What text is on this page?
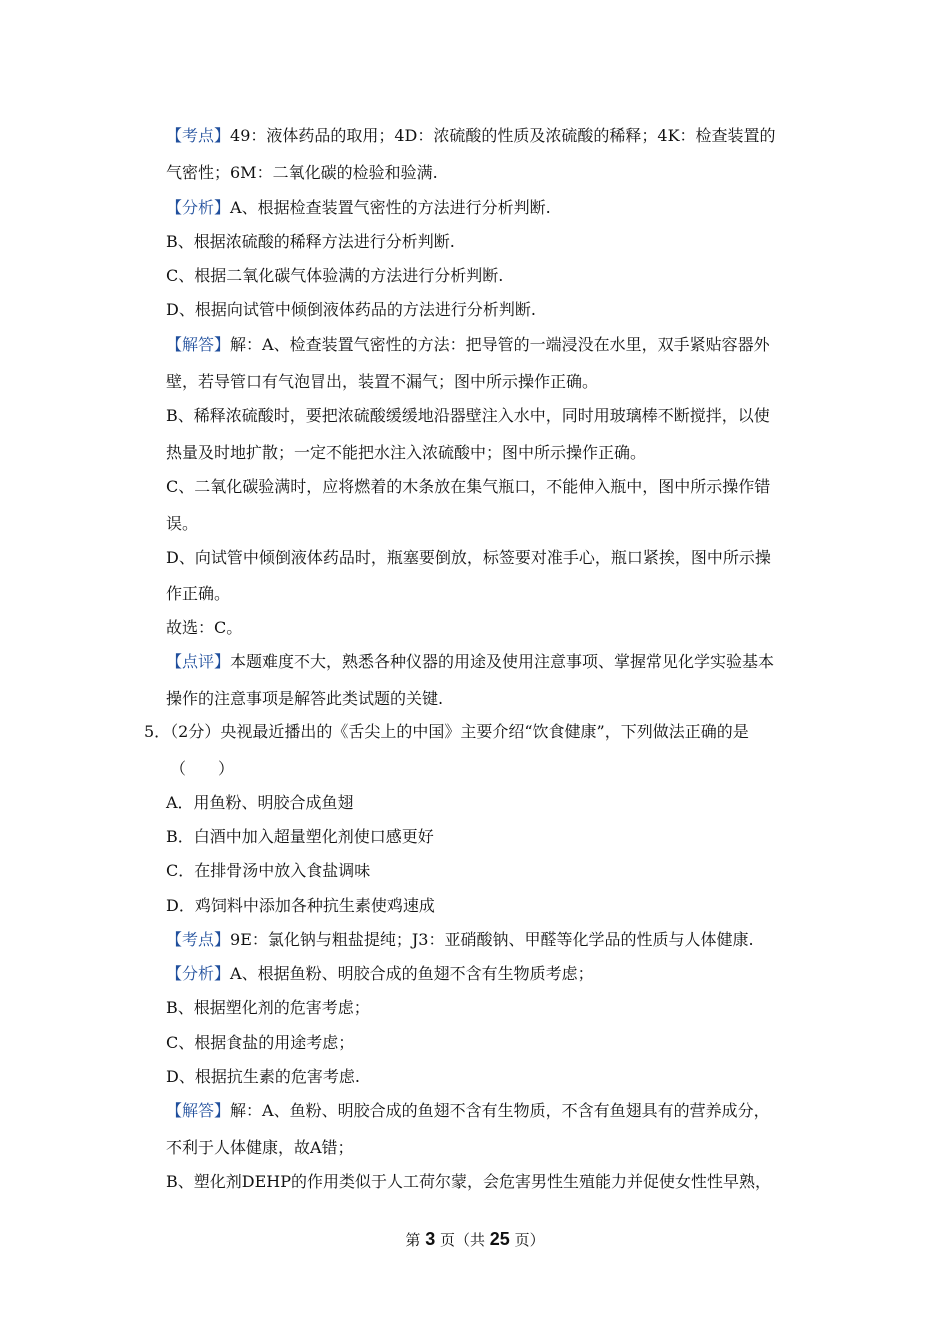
【考点】49：液体药品的取用；4D：浓硫酸的性质及浓硫酸的稀释；4K：检查装置的
气密性；6M：二氧化碳的检验和验满.
【分析】A、根据检查装置气密性的方法进行分析判断.
B、根据浓硫酸的稀释方法进行分析判断.
C、根据二氧化碳气体验满的方法进行分析判断.
D、根据向试管中倾倒液体药品的方法进行分析判断.
【解答】解：A、检查装置气密性的方法：把导管的一端浸没在水里，双手紧贴容器外
壁，若导管口有气泡冒出，装置不漏气；图中所示操作正确。
B、稀释浓硫酸时，要把浓硫酸缓缓地沿器壁注入水中，同时用玻璃棒不断搅拌，以使
热量及时地扩散；一定不能把水注入浓硫酸中；图中所示操作正确。
C、二氧化碳验满时，应将燃着的木条放在集气瓶口，不能伸入瓶中，图中所示操作错
误。
D、向试管中倾倒液体药品时，瓶塞要倒放，标签要对准手心，瓶口紧挨，图中所示操
作正确。
故选：C。
【点评】本题难度不大，熟悉各种仪器的用途及使用注意事项、掌握常见化学实验基本
操作的注意事项是解答此类试题的关键.
5．（2分）央视最近播出的《舌尖上的中国》主要介绍“饮食健康”，下列做法正确的是
（　　）
A．用鱼粉、明胶合成鱼翅
B．白酒中加入超量塑化剂使口感更好
C．在排骨汤中放入食盐调味
D．鸡饲料中添加各种抗生素使鸡速成
【考点】9E：氯化钠与粗盐提纯；J3：亚硝酸钠、甲醛等化学品的性质与人体健康.
【分析】A、根据鱼粉、明胶合成的鱼翅不含有生物质考虑；
B、根据塑化剂的危害考虑；
C、根据食盐的用途考虑；
D、根据抗生素的危害考虑.
【解答】解：A、鱼粉、明胶合成的鱼翅不含有生物质，不含有鱼翅具有的营养成分，
不利于人体健康，故A错；
B、塑化剂DEHP的作用类似于人工荷尔蒙，会危害男性生殖能力并促使女性性早熟，
第 3 页（共 25 页）
